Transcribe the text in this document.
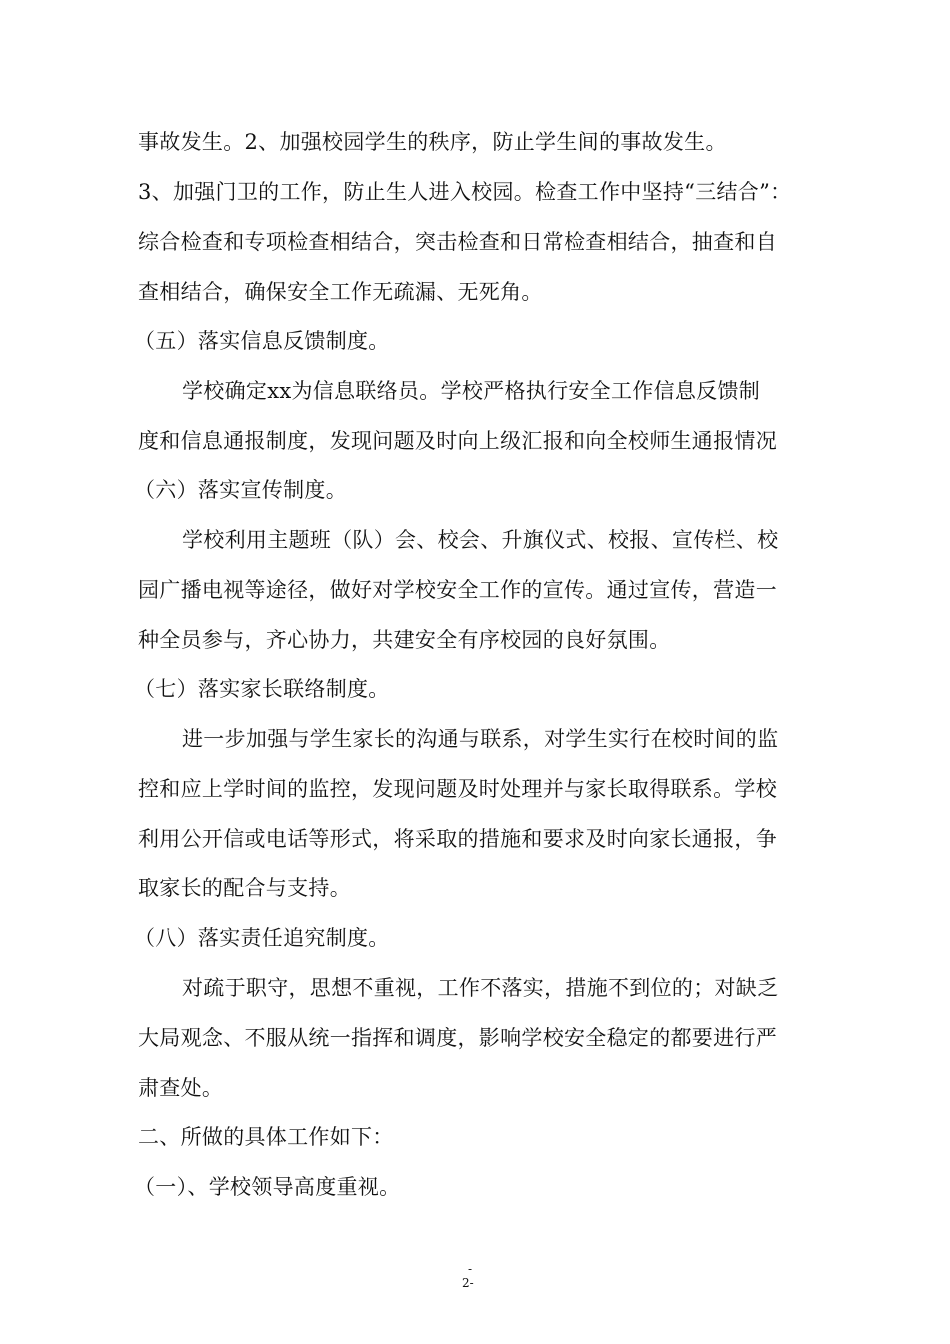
事故发生。2、加强校园学生的秩序，防止学生间的事故发生。
3、加强门卫的工作，防止生人进入校园。检查工作中坚持“三结合”：
综合检查和专项检查相结合，突击检查和日常检查相结合，抽查和自
查相结合，确保安全工作无疏漏、无死角。
（五）落实信息反馈制度。
学校确定xx为信息联络员。学校严格执行安全工作信息反馈制
度和信息通报制度，发现问题及时向上级汇报和向全校师生通报情况
（六）落实宣传制度。
学校利用主题班（队）会、校会、升旗仪式、校报、宣传栏、校
园广播电视等途径，做好对学校安全工作的宣传。通过宣传，营造一
种全员参与，齐心协力，共建安全有序校园的良好氛围。
（七）落实家长联络制度。
进一步加强与学生家长的沟通与联系，对学生实行在校时间的监
控和应上学时间的监控，发现问题及时处理并与家长取得联系。学校
利用公开信或电话等形式，将采取的措施和要求及时向家长通报，争
取家长的配合与支持。
（八）落实责任追究制度。
对疏于职守，思想不重视，工作不落实，措施不到位的；对缺乏
大局观念、不服从统一指挥和调度，影响学校安全稳定的都要进行严
肃查处。
二、所做的具体工作如下：
（一）、学校领导高度重视。
-
2-
